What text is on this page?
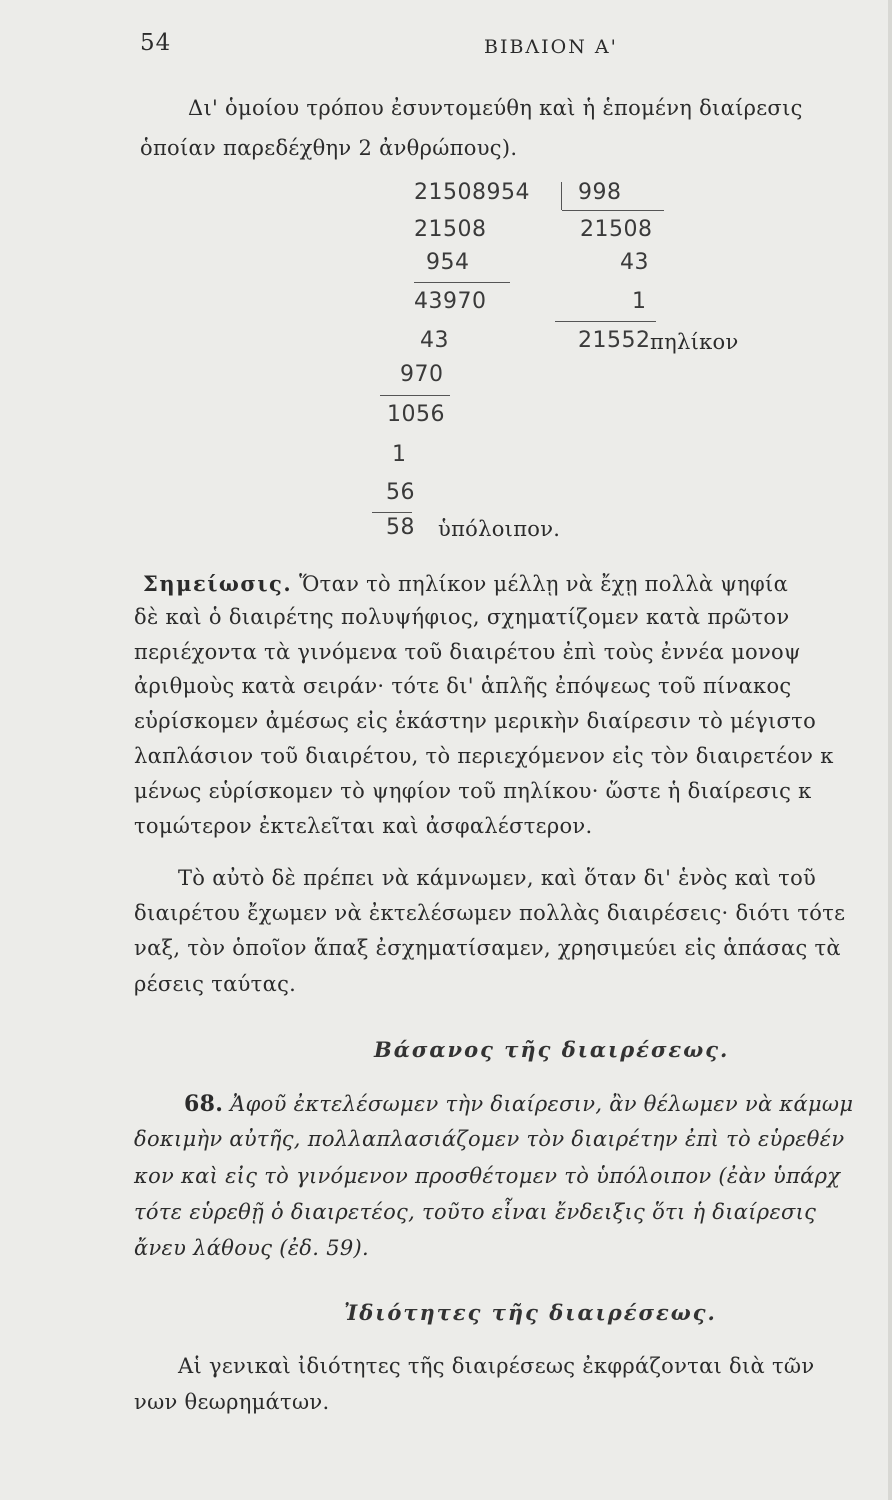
54	ΒΙΒΛΙΟΝ Α'
Δι' ὁμοίου τρόπου ἐσυντομεύθη καὶ ἡ ἑπομένη διαίρεσις
ὁποίαν παρεδέχθην 2 ἀνθρώπους).
21508954 998
21508	21508
954	43
43970	1
43	21552 πηλίκον
970
1056
1
56
58 ὑπόλοιπον.
Σημείωσις. Ὅταν τὸ πηλίκον μέλλῃ νὰ ἔχῃ πολλὰ ψηφία
δὲ καὶ ὁ διαιρέτης πολυψήφιος, σχηματίζομεν κατὰ πρῶτον
περιέχοντα τὰ γινόμενα τοῦ διαιρέτου ἐπὶ τοὺς ἐννέα μονοψ
ἀριθμοὺς κατὰ σειράν· τότε δι' ἁπλῆς ἐπόψεως τοῦ πίνακος
εὑρίσκομεν ἀμέσως εἰς ἑκάστην μερικὴν διαίρεσιν τὸ μέγιστο
λαπλάσιον τοῦ διαιρέτου, τὸ περιεχόμενον εἰς τὸν διαιρετέον κ
μένως εὑρίσκομεν τὸ ψηφίον τοῦ πηλίκου· ὥστε ἡ διαίρεσις κ
τομώτερον ἐκτελεῖται καὶ ἀσφαλέστερον.
Τὸ αὐτὸ δὲ πρέπει νὰ κάμνωμεν, καὶ ὅταν δι' ἑνὸς καὶ τοῦ
διαιρέτου ἔχωμεν νὰ ἐκτελέσωμεν πολλὰς διαιρέσεις· διότι τότε
ναξ, τὸν ὁποῖον ἅπαξ ἐσχηματίσαμεν, χρησιμεύει εἰς ἁπάσας τὰ
ρέσεις ταύτας.
Βάσανος τῆς διαιρέσεως.
68. Ἀφοῦ ἐκτελέσωμεν τὴν διαίρεσιν, ἂν θέλωμεν νὰ κάμωμ
δοκιμὴν αὐτῆς, πολλαπλασιάζομεν τὸν διαιρέτην ἐπὶ τὸ εὑρεθέν
κον καὶ εἰς τὸ γινόμενον προσθέτομεν τὸ ὑπόλοιπον (ἐὰν ὑπάρχ
τότε εὑρεθῇ ὁ διαιρετέος, τοῦτο εἶναι ἔνδειξις ὅτι ἡ διαίρεσις
ἄνευ λάθους (ἐδ. 59).
Ἰδιότητες τῆς διαιρέσεως.
Αἱ γενικαὶ ἰδιότητες τῆς διαιρέσεως ἐκφράζονται διὰ τῶν
νων θεωρημάτων.
